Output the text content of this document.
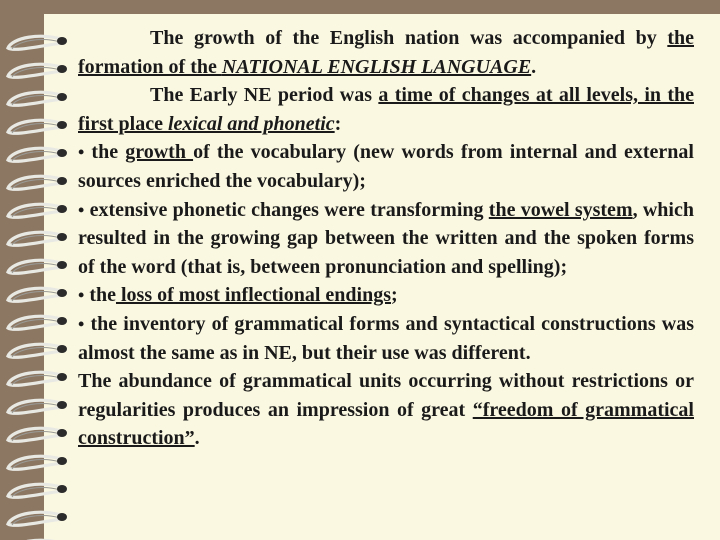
The growth of the English nation was accompanied by the formation of the NATIONAL ENGLISH LANGUAGE.

The Early NE period was a time of changes at all levels, in the first place lexical and phonetic:

• the growth of the vocabulary (new words from internal and external sources enriched the vocabulary);

• extensive phonetic changes were transforming the vowel system, which resulted in the growing gap between the written and the spoken forms of the word (that is, between pronunciation and spelling);

• the loss of most inflectional endings;

• the inventory of grammatical forms and syntactical constructions was almost the same as in NE, but their use was different.

The abundance of grammatical units occurring without restrictions or regularities produces an impression of great “freedom of grammatical construction”.
